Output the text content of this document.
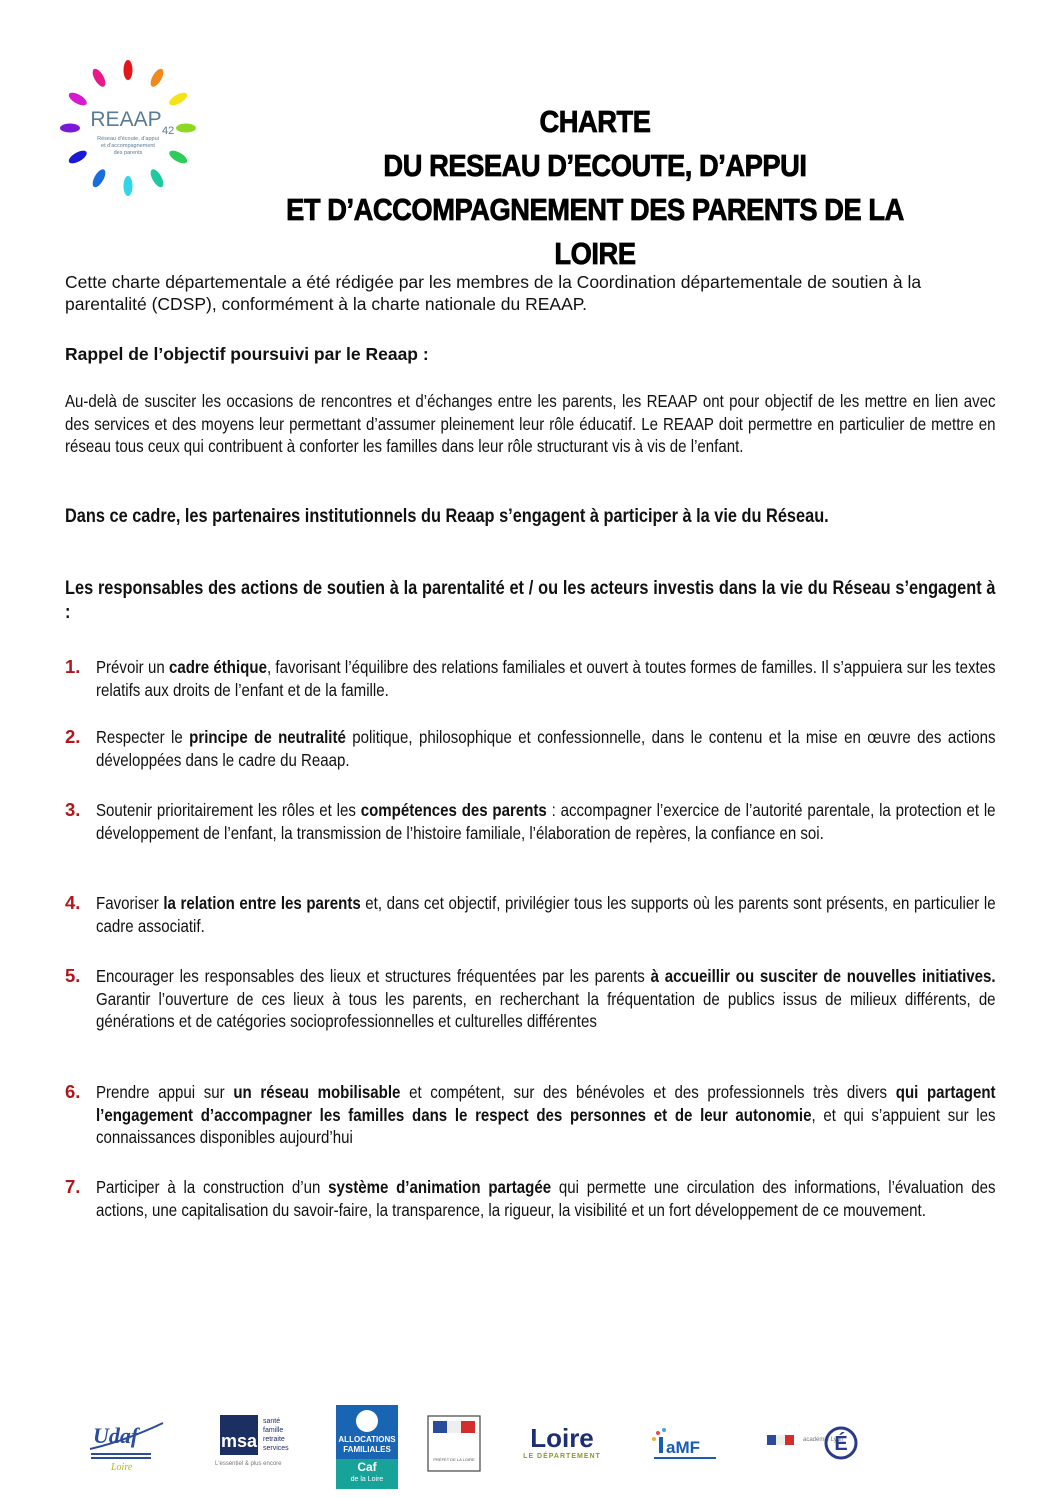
REAAP 42
Réseau d'écoute, d'appui
et d'accompagnement
des parents
CHARTE
DU RESEAU D’ECOUTE, D’APPUI
ET D’ACCOMPAGNEMENT DES PARENTS DE LA LOIRE
Cette charte départementale a été rédigée par les membres de la Coordination départementale de soutien à la
parentalité (CDSP), conformément à la charte nationale du REAAP.
Rappel de l’objectif poursuivi par le Reaap :
Au-delà de susciter les occasions de rencontres et d’échanges entre les parents, les REAAP ont pour objectif de les mettre en lien avec des services et des moyens leur permettant d’assumer pleinement leur rôle éducatif. Le REAAP doit permettre en particulier de mettre en réseau tous ceux qui contribuent à conforter les familles dans leur rôle structurant vis à vis de l’enfant.
Dans ce cadre, les partenaires institutionnels du Reaap s’engagent à participer à la vie du Réseau.
Les responsables des actions de soutien à la parentalité et / ou les acteurs investis dans la vie du Réseau s’engagent à :
1. Prévoir un cadre éthique, favorisant l’équilibre des relations familiales et ouvert à toutes formes de familles. Il s’appuiera sur les textes relatifs aux droits de l’enfant et de la famille.
2. Respecter le principe de neutralité politique, philosophique et confessionnelle, dans le contenu et la mise en œuvre des actions développées dans le cadre du Reaap.
3. Soutenir prioritairement les rôles et les compétences des parents : accompagner l’exercice de l’autorité parentale, la protection et le développement de l’enfant, la transmission de l’histoire familiale, l’élaboration de repères, la confiance en soi.
4. Favoriser la relation entre les parents et, dans cet objectif, privilégier tous les supports où les parents sont présents, en particulier le cadre associatif.
5. Encourager les responsables des lieux et structures fréquentées par les parents à accueillir ou susciter de nouvelles initiatives. Garantir l’ouverture de ces lieux à tous les parents, en recherchant la fréquentation de publics issus de milieux différents, de générations et de catégories socioprofessionnelles et culturelles différentes
6. Prendre appui sur un réseau mobilisable et compétent, sur des bénévoles et des professionnels très divers qui partagent l’engagement d’accompagner les familles dans le respect des personnes et de leur autonomie, et qui s’appuient sur les connaissances disponibles aujourd’hui
7. Participer à la construction d’un système d’animation partagée qui permette une circulation des informations, l’évaluation des actions, une capitalisation du savoir-faire, la transparence, la rigueur, la visibilité et un fort développement de ce mouvement.
Udaf
Loire
msa
santé
famille
retraite
services
L'essentiel & plus encore
ALLOCATIONS FAMILIALES
Caf
de la Loire
PRÉFET DE LA LOIRE
Loire
LE DÉPARTEMENT	aMF	académie Lyon
É
